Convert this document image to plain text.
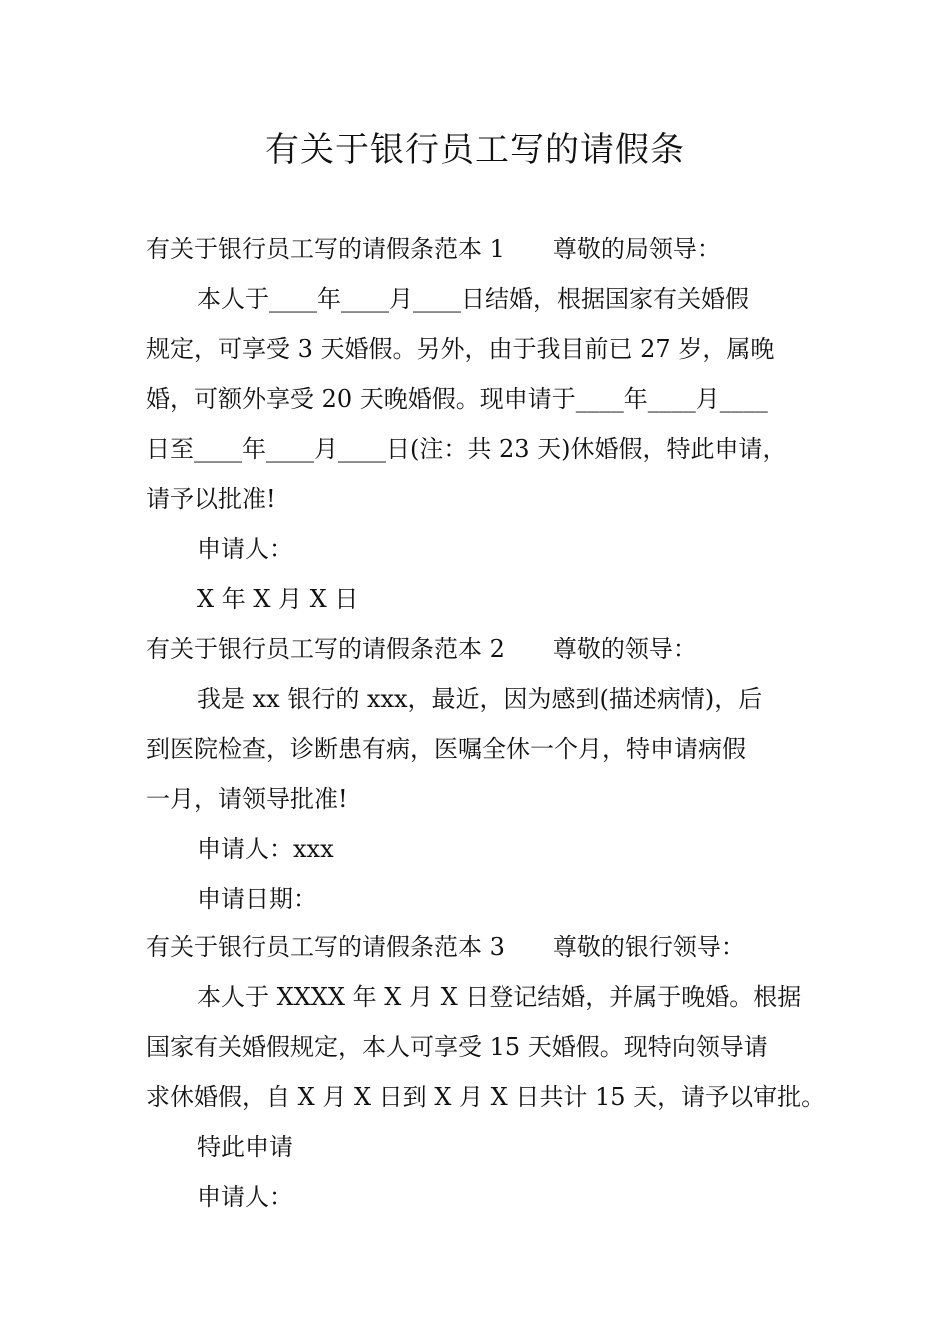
有关于银行员工写的请假条
有关于银行员工写的请假条范本 1 尊敬的局领导：
本人于____年____月____日结婚，根据国家有关婚假
规定，可享受 3 天婚假。另外，由于我目前已 27 岁，属晚
婚，可额外享受 20 天晚婚假。现申请于____年____月____
日至____年____月____日(注：共 23 天)休婚假，特此申请，
请予以批准!
申请人：
X 年 X 月 X 日
有关于银行员工写的请假条范本 2 尊敬的领导：
我是 xx 银行的 xxx，最近，因为感到(描述病情)，后
到医院检查，诊断患有病，医嘱全休一个月，特申请病假
一月，请领导批准!
申请人：xxx
申请日期：
有关于银行员工写的请假条范本 3 尊敬的银行领导：
本人于 XXXX 年 X 月 X 日登记结婚，并属于晚婚。根据
国家有关婚假规定，本人可享受 15 天婚假。现特向领导请
求休婚假，自 X 月 X 日到 X 月 X 日共计 15 天，请予以审批。
特此申请
申请人：
